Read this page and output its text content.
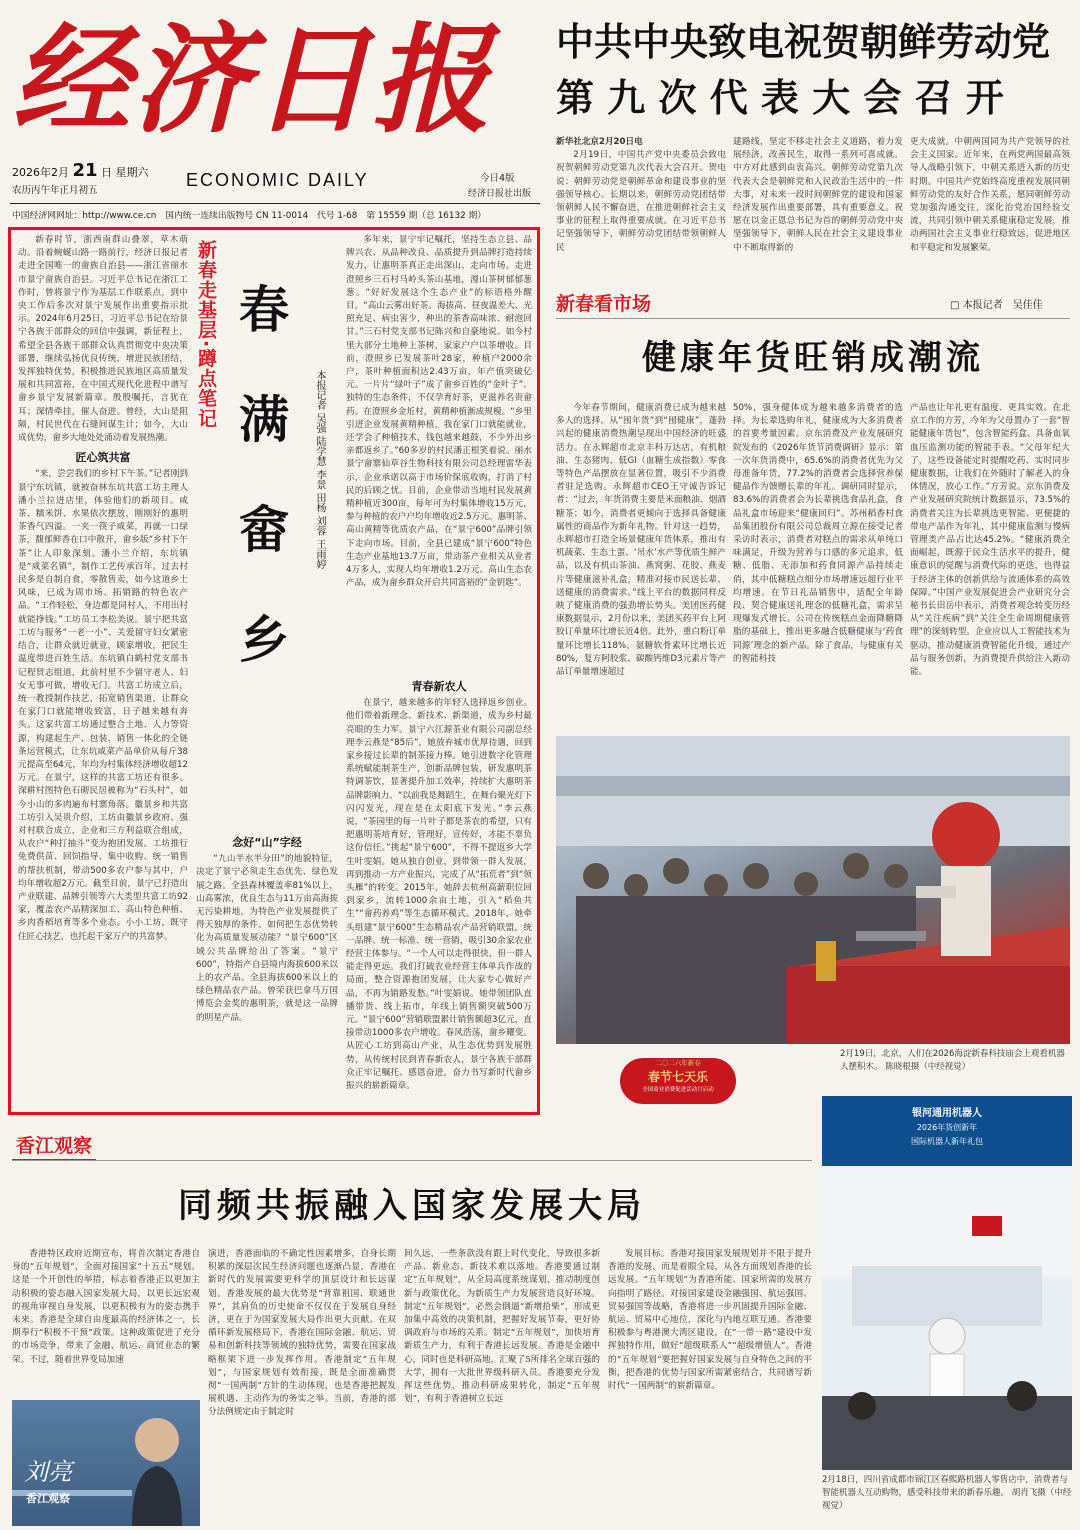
经济日报
2026年2月 21 日 星期六
农历丙午年正月初五
ECONOMIC DAILY	今日4版
经济日报社出版
中国经济网网址：http://www.ce.cn　国内统一连续出版物号 CN 11-0014　代号 1-68　第 15559 期（总 16132 期）
中共中央致电祝贺朝鲜劳动党
第 九 次 代 表 大 会 召 开

新华社北京2月20日电

2月19日，中国共产党中央委员会致电祝贺朝鲜劳动党第九次代表大会召开。贺电说：朝鲜劳动党是朝鲜革命和建设事业的坚强领导核心。长期以来，朝鲜劳动党团结带领朝鲜人民不懈奋进，在推进朝鲜社会主义事业的征程上取得重要成就。在习近平总书记坚强领导下，朝鲜劳动党团结带领朝鲜人民

建路线，坚定不移走社会主义道路，着力发展经济，改善民生，取得一系列可喜成就。中方对此感到由衷高兴。朝鲜劳动党第九次代表大会是朝鲜党和人民政治生活中的一件大事，对未来一段时间朝鲜党的建设和国家经济发展作出重要部署，具有重要意义。祝愿在以金正恩总书记为首的朝鲜劳动党中央坚强领导下，朝鲜人民在社会主义建设事业中不断取得新的

更大成就。中朝两国同为共产党领导的社会主义国家。近年来，在两党两国最高领导人战略引领下，中朝关系进入新的历史时期。中国共产党始终高度重视发展同朝鲜劳动党的友好合作关系，愿同朝鲜劳动党加强沟通交往，深化治党治国经验交流，共同引领中朝关系健康稳定发展，推动两国社会主义事业行稳致远，促进地区和平稳定和发展繁荣。

新春时节，浙西南群山叠翠，草木萌动。沿着蜿蜒山路一路前行，经济日报记者走进全国唯一的畲族自治县——浙江省丽水市景宁畲族自治县。习近平总书记在浙江工作时，曾将景宁作为基层工作联系点，到中央工作后多次对景宁发展作出重要指示批示。2024年6月25日，习近平总书记在给景宁各族干部群众的回信中强调，新征程上，希望全县各族干部群众认真贯彻党中央决策部署，继续弘扬优良传统，增进民族团结，发挥独特优势，积极推进民族地区高质量发展和共同富裕，在中国式现代化进程中谱写畲乡景宁发展新篇章。殷殷嘱托，言犹在耳；深情牵挂，催人奋进。曾经，大山是阻隔，村民世代在石缝间谋生计；如今，大山成优势，畲乡大地处处涌动着发展热潮。

匠心筑共富

“来，尝尝我们的乡村下午茶。”记者刚到景宁东坑镇，就被奋林东坑共富工坊主理人潘小兰拉进店里，体验他们的新项目。咸茶、糯米饼、水果依次摆放，刚刚好的惠明茶香气四溢。一夹一筷子咸菜，再就一口绿茶，馥郁鲜香在口中散开，畲乡版“乡村下午茶”让人印象深刻。潘小兰介绍，东坑镇是“咸菜名镇”，制作工艺传承百年。过去村民多是自制自食，零散售卖，如今这道乡土风味，已成为周市场、拓销路的特色农产品。“工作轻松，身边都是同村人，不用出村就能挣钱。”工坊员工李松美说。景宁把共富工坊与服务“一老一小”、关爱留守妇女紧密结合，让群众就近就业，顾家增收，把民生温度带进百姓生活。东坑镇白鹤村党支部书记程贤志组道，此前村里不少留守老人、妇女无事可做，增收无门。共富工坊成立后，统一教授制作技艺，拓宽销售渠道，让群众在家门口就能增收致富，日子越来越有奔头。这家共富工坊通过整合土地、人力等资源，构建起生产、包装、销售一体化的全链条运营模式，让东坑咸菜产品单价从每斤38元提高至64元，年均为村集体经济增收超12万元。在景宁，这样的共富工坊还有很多。深耕村图特色石砌民居被称为“石头村”，如今小山的多肉遍布村寨角落。徽景乡和共富工坊引入吴贵介绍，工坊由徽景乡政府、强对村联合成立，企业和三方利益联合组成，从农户“种打抽斗”变为抱团发展。工坊推行免费供苗、回饲指导、集中收购、统一销售的帮扶机制，带动500多农户参与其中，户均年增收超2万元。截至目前，景宁已打造出产业联建、品牌引领等六大类型共富工坊92家，覆盖农产品精深加工、高山特色种植、乡肉香稻培育等多个业态。小小工坊，既守住匠心技艺，也托起千家万户的共富梦。

新春走基层·蹲点笔记 春
满
畲
乡
本报记者 吴强 陆学慧 李景 田杨 刘蓉 王雨婷
念好“山”字经

“九山半水半分田”的地貌特征，决定了景宁必须走生态优先、绿色发展之路。全县森林覆盖率81%以上，山高雾浓，优良生态与11万亩高海拔无污染耕地，为特色产业发展提供了得天独厚的条件。如何把生态优势转化为高质量发展动能？“景宁600”区域公共品牌给出了答案。“景宁600”，特指产自县境内海拔600米以上的农产品。全县海拔600米以上的绿色精品农产品。曾荣获巴拿马万国博览会金奖的惠明茶，就是这一品牌的明星产品。

多年来，景宁牢记嘱托，坚持生态立县、品牌兴农、从品种改良、品质提升到品牌打造持续发力，让惠明茶真正走出深山、走向市场。走进澄照乡三石村马岭头茶山基地，漫山茶树郁郁葱葱。“好好发展这个生态产业”的标语格外醒目，“高山云雾出好茶。海拔高、昼夜温差大、光照充足、病虫害少，种出的茶香高味浓、耐泡回甘。”三石村党支部书记陈兴和自豪地说。如今村里大部分土地种上茶树，家家户户以茶增收。目前，澄照乡已发展茶叶28家，种植户2000余户，茶叶种植面积达2.43万亩，年产值突破亿元。一片片“绿叶子”成了畲乡百姓的“金叶子”。独特的生态条件，不仅孕育好茶，更滋养名贵畲药。在澄照乡金坵村，黄精种植渐成规模。“乡里引进企业发展黄精种植，我在家门口就能就业，还学会了种植技术，钱包越来越鼓，不少外出乡亲都返乡了。”60多岁的村民潘正根笑着说。丽水景宁畲寨仙草谷生物科技有限公司总经理雷华表示，企业承诺以高于市场价保底收购，打消了村民的后顾之忧。目前，企业带动当地村民发展黄精种植近300亩，每年可为村集体增收15万元，参与种植的农户户均年增收近2.5万元。惠明茶、高山黄精等优质农产品，在“景宁600”品牌引领下走向市场。目前，全县已建成“景宁600”特色生态产业基地13.7万亩，带动茶产业相关从业者4万多人，实现人均年增收1.2万元。高山生态农产品，成为畲乡群众开启共同富裕的“金钥匙”。

青春新农人

在景宁，越来越多的年轻人选择返乡创业。他们带着新理念、新技术、新渠道，成为乡村最亮眼的生力军。景宁六江源茶业有限公司副总经理李云燕是“85后”，她放弃城市优厚待遇，回到家乡接过长辈的制茶接力棒。她引进数字化管理系统赋能制茶生产，创新品牌包装，研发惠明茶特调茶饮，显著提升加工效率，持续扩大惠明茶品牌影响力。“以前我是舞蹈生，在舞台聚光灯下闪闪发光，现在是在太阳底下发光。”李云燕说，“茶园里的每一片叶子都是茶农的希望，只有把惠明茶培育好，管理好，宣传好，才能不辜负这份信任。”挑起“景宁600”，不得不提返乡大学生叶雯娟。她从独自创业，到带领一群人发展，再到推动一方产业振兴，完成了从“拓荒者”到“领头雁”的转变。2015年，她辞去杭州高薪职位回到家乡，流转1000余亩土地，引入“稻鱼共生”“畲药养鸡”等生态循环模式。2018年，她牵头组建“景宁600”生态精品农产品营销联盟，统一品牌、统一标准、统一营销，吸引30余家农业经营主体参与。“一个人可以走得很快，但一群人能走得更远。我们打破农业经营主体单兵作战的局面，整合资源抱团发展，让大家专心做好产品，不再为销路发愁。”叶雯娟说。她带领团队直播带货、线上拓市，年线上销售额突破500万元。“景宁600”营销联盟累计销售额超3亿元，直接带动1000多农户增收。春风浩荡，畲乡耀变。从匠心工坊到高山产业，从生态优势到发展胜势，从传统村民到青春新农人，景宁各族干部群众正牢记嘱托、感恩奋进，奋力书写新时代畲乡振兴的崭新篇章。

新春看市场	□ 本报记者　吴佳佳
健康年货旺销成潮流

今年春节期间，健康消费已成为越来越多人的选择。从“囤年货”到“囤健康”，蓬勃兴起的健康消费热潮呈现出中国经济的旺盛活力。在永辉超市北京丰科万达店，有机粮油、生态猪肉、低GI（血糖生成指数）零食等特色产品摆放在显著位置，吸引不少消费者驻足选购。永辉超市CEO王守诚告诉记者：“过去，年货消费主要是米面粮油、烟酒糖茶；如今，消费者更倾向于选择具备健康属性的商品作为新年礼物。针对这一趋势，永辉超市打造全场景健康年货体系，推出有机蔬菜、生态土蛋、‘吊水’水产等优质生鲜产品，以及有机山茶油、燕窝粥、花胶、燕麦片等健康滋补礼盒，精准对接市民送长辈、送健康的消费需求。”线上平台的数据同样反映了健康消费的强劲增长势头。美团医药健康数据显示，2月份以来，美团买药平台上阿胶订单量环比增长近4倍。此外，重白粉订单量环比增长118%，氨糖软骨素环比增长近80%，复方阿胶浆、碳酸钙维D3元素片等产品订单量增速超过

50%，强身健体成为越来越多消费者的选择。为长辈选购年礼，健康成为大多消费者的首要考量因素。京东消费及产业发展研究院发布的《2026年货节消费调研》显示：第一次年货消费中，65.6%的消费者优先为父母准备年货，77.2%的消费者会选择营养保健品作为馈赠长辈的年礼。调研同时显示，83.6%的消费者会为长辈挑选食品礼盒，食品礼盒市场迎来“健康回归”。苏州稻香村食品集团股份有限公司总裁周立源在接受记者采访时表示，消费者对糕点的需求从单纯口味满足，升级为营养与口感的多元追求，低糖、低脂、无添加和药食同源产品持续走俏，其中低糖糕点细分市场增速远超行业平均增速。在节日礼品销售中，适配全年龄段、契合健康送礼理念的低糖礼盒，需求呈现爆发式增长。公司在传统糕点金面降糖降脂的基础上，推出更多融合低糖健康与‘药食同源’理念的新产品。除了食品，与健康有关的智能科技

产品也让年礼更有温度、更具实效。在北京工作的方芳，今年为父母置办了一套“智能健康年货包”，包含智能药盒、具备血氧血压监测功能的智能手表。“父母年纪大了，这些设备能定时提醒吃药、实时同步健康数据，让我们在外随时了解老人的身体情况，放心工作。”方芳说。京东消费及产业发展研究院统计数据显示，73.5%的消费者关注为长辈挑选更智能、更便捷的带电产品作为年礼，其中健康监测与慢病管理类产品占比达45.2%。“健康消费全面崛起，既源于民众生活水平的提升，健康意识的觉醒与消费代际的更迭，也得益于经济主体的创新供给与流通体系的高效保障。”中国产业发展促进会产业研究分会秘书长田岳中表示，消费者观念转变历经从“关注疾病”到“关注全生命周期健康管理”的深刻转型。企业应以人工智能技术为驱动，推动健康消费智能化升级，通过产品与服务创新，为消费提升供给注入新动能。

2月19日，北京，人们在2026海淀新春科技庙会上观看机器人摆积木。 陈晓根摄（中经视觉）
二〇二六年新春
春节七天乐
全国商业消费促进活动月启动
香江观察
同频共振融入国家发展大局

香港特区政府近期宣布，将首次制定香港自身的“五年规划”，全面对接国家“十五五”规划。这是一个开创性的举措，标志着香港正以更加主动积极的姿态融入国家发展大局，以更长远宏观的视角审视自身发展，以更积极有为的姿态携手未来。香港是全球自由度最高的经济体之一，长期奉行“积极不干预”政策。这种政策促进了充分的市场竞争，带来了金融、航运、商贸业态的繁荣。不过，随着世界变局加速

刘亮
香江观察

演进，香港面临的不确定性因素增多，自身长期积累的深层次民生经济问题也逐渐凸显，香港在新时代的发展需要更科学的顶层设计和长远谋划。香港发展的最大优势是“背靠祖国、联通世界”，其肩负的历史使命不仅仅在于发展自身经济，更在于为国家发展大局作出更大贡献。在双循环新发展格局下，香港在国际金融、航运、贸易和创新科技等领域的独特优势，需要在国家战略框架下进一步发挥作用。香港制定“五年规划”，与国家规划有效衔接，既是全面准确贯彻“一国两制”方针的生动体现，也是香港把握发展机遇、主动作为的务实之举。当前，香港的部分法例规定由于制定时

间久远，一些条款没有跟上时代变化，导致很多新产品、新业态、新技术难以落地。香港要通过制定“五年规划”，从全局高度系统谋划，推动制度创新与政策优化，为新质生产力发展营造良好环境。制定“五年规划”，必然会倒逼“新增拾柴”，形成更加集中高效的决策机制，把握好发展节奏，更好协调政府与市场的关系。制定“五年规划”，加快培育新质生产力，有利于香港长远发展。香港是金融中心，同时也是科研高地，汇聚了5所排名全球百强的大学，拥有一大批世界级科研人员。香港要充分发挥这些优势，推动科研成果转化，制定“五年规划”，有利于香港树立长远

发展目标。香港对接国家发展规划并不限于提升香港的发展，而是着眼全局，从各方面规划香港的长远发展。“五年规划”为香港所能、国家所需的发展方向指明了路径。对接国家建设金融强国、航运强国、贸易强国等战略，香港将进一步巩固提升国际金融、航运、贸易中心地位，深化与内地互联互通。香港要积极参与粤港澳大湾区建设，在“一带一路”建设中发挥独特作用，做好“超级联系人”“超级增值人”。香港的“五年规划”要把握好国家发展与自身特色之间的平衡，把香港的优势与国家所需紧密结合，共同谱写新时代“一国两制”的崭新篇章。

银河通用机器人
2026年货创新年
国际机器人新年礼包
2月18日，四川省成都市锦江区春熙路机器人零售店中，消费者与智能机器人互动购物，感受科技带来的新春乐趣。 胡肖飞摄（中经视觉）
